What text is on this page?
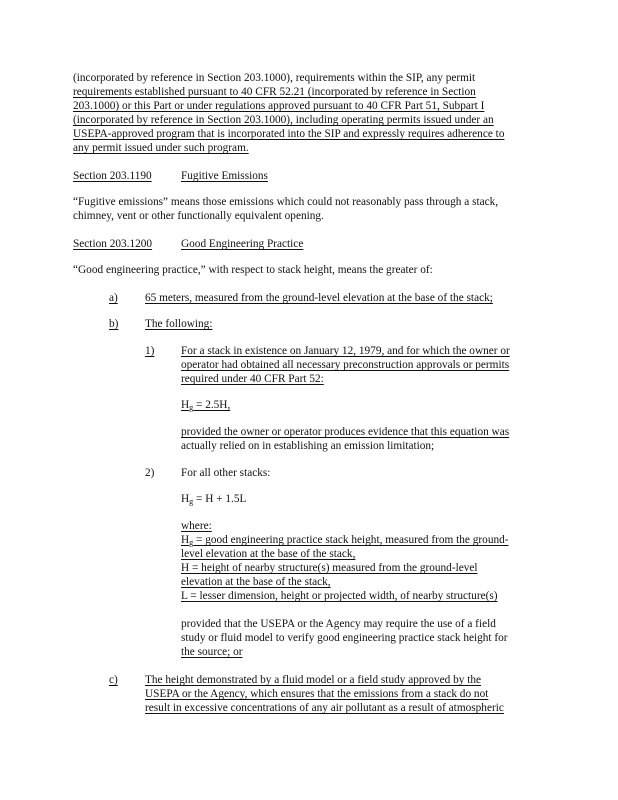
(incorporated by reference in Section 203.1000), requirements within the SIP, any permit
requirements established pursuant to 40 CFR 52.21 (incorporated by reference in Section
203.1000) or this Part or under regulations approved pursuant to 40 CFR Part 51, Subpart I
(incorporated by reference in Section 203.1000), including operating permits issued under an
USEPA-approved program that is incorporated into the SIP and expressly requires adherence to
any permit issued under such program.
Section 203.1190	Fugitive Emissions
“Fugitive emissions” means those emissions which could not reasonably pass through a stack,
chimney, vent or other functionally equivalent opening.
Section 203.1200	Good Engineering Practice
“Good engineering practice,” with respect to stack height, means the greater of:
a) 65 meters, measured from the ground-level elevation at the base of the stack;
b) The following:
1) For a stack in existence on January 12, 1979, and for which the owner or
operator had obtained all necessary preconstruction approvals or permits
required under 40 CFR Part 52:
$H_g = 2.5H$,
provided the owner or operator produces evidence that this equation was
actually relied on in establishing an emission limitation;
2) For all other stacks:
$H_g = H + 1.5L$
where:
$H_g$ = good engineering practice stack height, measured from the ground-
level elevation at the base of the stack,
H = height of nearby structure(s) measured from the ground-level
elevation at the base of the stack,
L = lesser dimension, height or projected width, of nearby structure(s)
provided that the USEPA or the Agency may require the use of a field
study or fluid model to verify good engineering practice stack height for
the source; or
c) The height demonstrated by a fluid model or a field study approved by the
USEPA or the Agency, which ensures that the emissions from a stack do not
result in excessive concentrations of any air pollutant as a result of atmospheric
